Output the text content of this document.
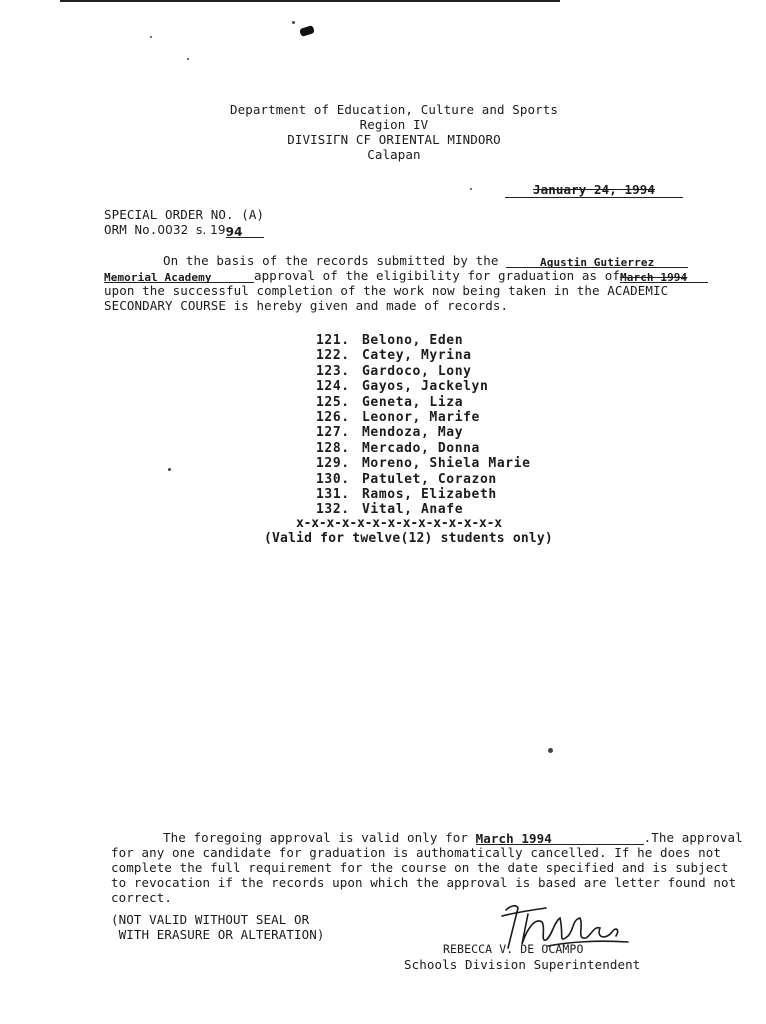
Department of Education, Culture and Sports
Region IV
DIVISIΓN CF ORIENTAL MINDORO
Calapan
January 24, 1994
SPECIAL ORDER NO. (A)
ORM No.0032 s. 1994
On the basis of the records submitted by the	Agustin Gutierrez
Memorial Academy	approval of the eligibility for graduation as ofMarch 1994
upon the successful completion of the work now being taken in the ACADEMIC
SECONDARY COURSE is hereby given and made of records.
121. Belono, Eden
122. Catey, Myrina
123. Gardoco, Lony
124. Gayos, Jackelyn
125. Geneta, Liza
126. Leonor, Marife
127. Mendoza, May
128. Mercado, Donna
129. Moreno, Shiela Marie
130. Patulet, Corazon
131. Ramos, Elizabeth
132. Vital, Anafe
x-x-x-x-x-x-x-x-x-x-x-x-x-x
(Valid for twelve(12) students only)
The foregoing approval is valid only for March 1994	.The approval
for any one candidate for graduation is authomatically cancelled. If he does not
complete the full requirement for the course on the date specified and is subject
to revocation if the records upon which the approval is based are letter found not
correct.
(NOT VALID WITHOUT SEAL OR
WITH ERASURE OR ALTERATION)
REBECCA V. DE OCAMPO
Schools Division Superintendent
